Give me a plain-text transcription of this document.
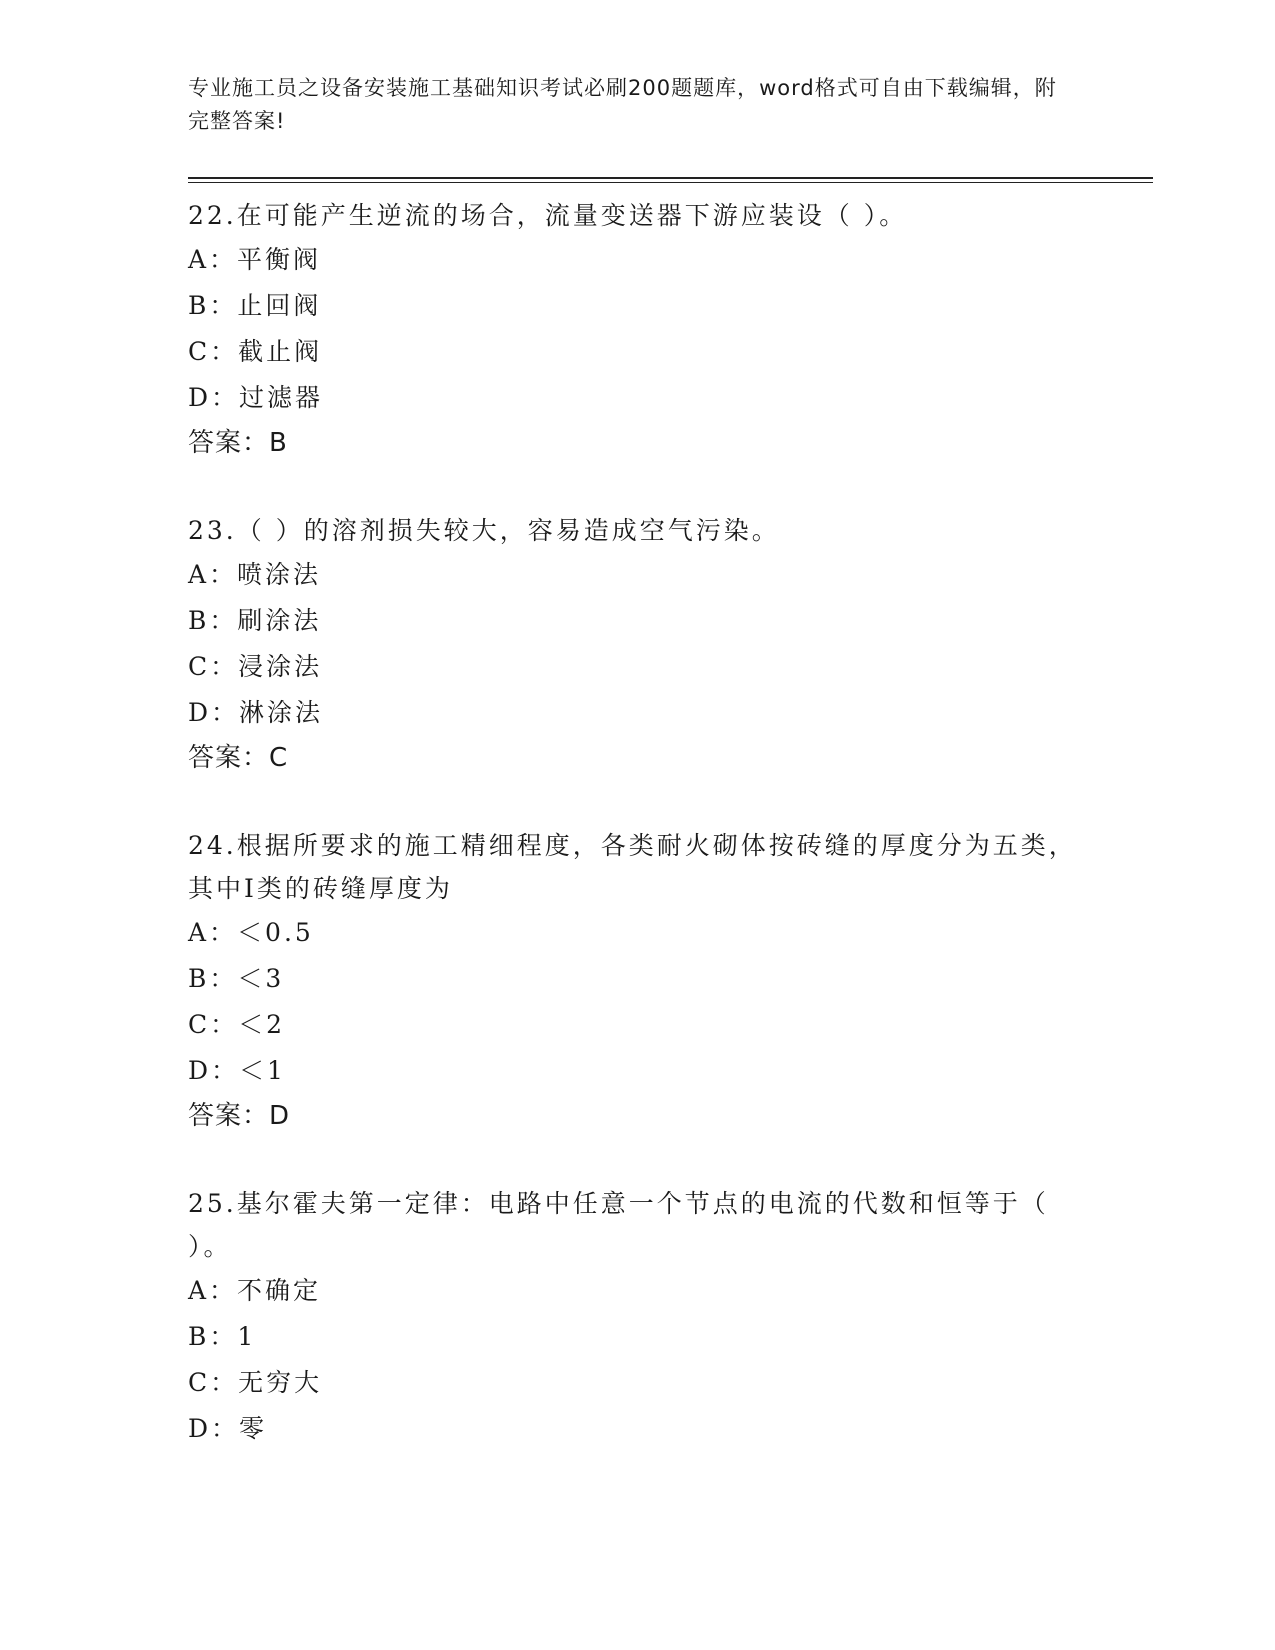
专业施工员之设备安装施工基础知识考试必刷200题题库，word格式可自由下载编辑，附完整答案!
22.在可能产生逆流的场合，流量变送器下游应装设（ ）。
A：平衡阀
B：止回阀
C：截止阀
D：过滤器
答案：B
23.（ ）的溶剂损失较大，容易造成空气污染。
A：喷涂法
B：刷涂法
C：浸涂法
D：淋涂法
答案：C
24.根据所要求的施工精细程度，各类耐火砌体按砖缝的厚度分为五类，其中Ⅰ类的砖缝厚度为
A：＜0.5
B：＜3
C：＜2
D：＜1
答案：D
25.基尔霍夫第一定律：电路中任意一个节点的电流的代数和恒等于（ ）。
A：不确定
B：1
C：无穷大
D：零
